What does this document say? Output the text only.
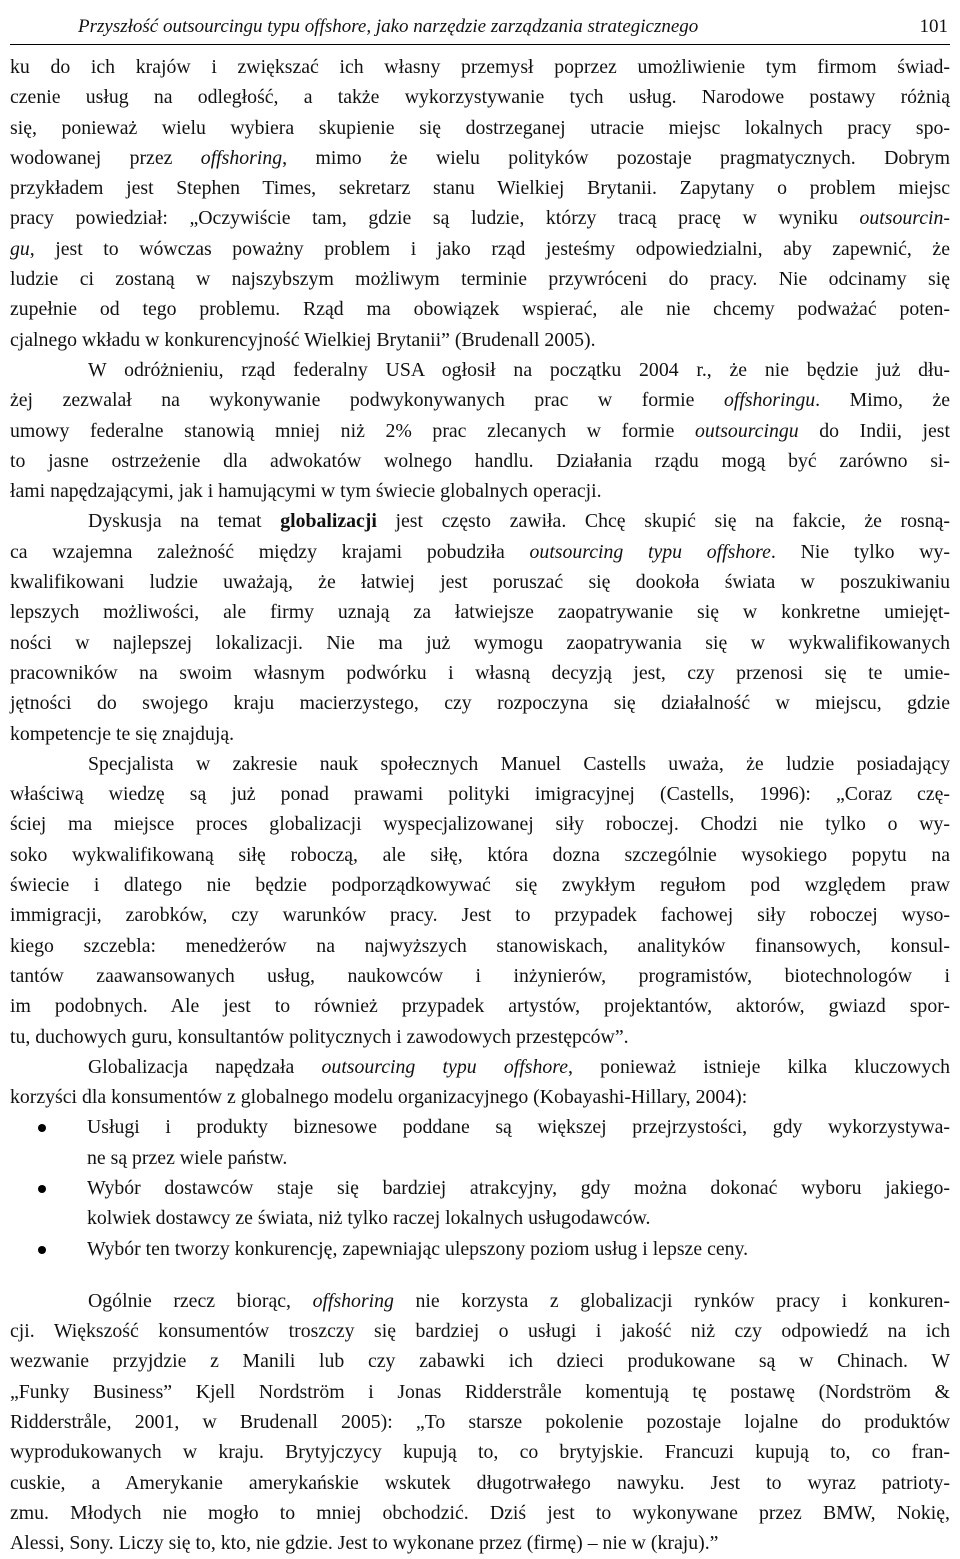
Przyszłość outsourcingu typu offshore, jako narzędzie zarządzania strategicznego	101
ku do ich krajów i zwiększać ich własny przemysł poprzez umożliwienie tym firmom świad-
czenie usług na odległość, a także wykorzystywanie tych usług. Narodowe postawy różnią
się, ponieważ wielu wybiera skupienie się dostrzeganej utracie miejsc lokalnych pracy spo-
wodowanej przez offshoring, mimo że wielu polityków pozostaje pragmatycznych. Dobrym
przykładem jest Stephen Times, sekretarz stanu Wielkiej Brytanii. Zapytany o problem miejsc
pracy powiedział: „Oczywiście tam, gdzie są ludzie, którzy tracą pracę w wyniku outsourcin-
gu, jest to wówczas poważny problem i jako rząd jesteśmy odpowiedzialni, aby zapewnić, że
ludzie ci zostaną w najszybszym możliwym terminie przywróceni do pracy. Nie odcinamy się
zupełnie od tego problemu. Rząd ma obowiązek wspierać, ale nie chcemy podważać poten-
cjalnego wkładu w konkurencyjność Wielkiej Brytanii” (Brudenall 2005).
W odróżnieniu, rząd federalny USA ogłosił na początku 2004 r., że nie będzie już dłu-
żej zezwalał na wykonywanie podwykonywanych prac w formie offshoringu. Mimo, że
umowy federalne stanowią mniej niż 2% prac zlecanych w formie outsourcingu do Indii, jest
to jasne ostrzeżenie dla adwokatów wolnego handlu. Działania rządu mogą być zarówno si-
łami napędzającymi, jak i hamującymi w tym świecie globalnych operacji.
Dyskusja na temat globalizacji jest często zawiła. Chcę skupić się na fakcie, że rosną-
ca wzajemna zależność między krajami pobudziła outsourcing typu offshore. Nie tylko wy-
kwalifikowani ludzie uważają, że łatwiej jest poruszać się dookoła świata w poszukiwaniu
lepszych możliwości, ale firmy uznają za łatwiejsze zaopatrywanie się w konkretne umiejęt-
ności w najlepszej lokalizacji. Nie ma już wymogu zaopatrywania się w wykwalifikowanych
pracowników na swoim własnym podwórku i własną decyzją jest, czy przenosi się te umie-
jętności do swojego kraju macierzystego, czy rozpoczyna się działalność w miejscu, gdzie
kompetencje te się znajdują.
Specjalista w zakresie nauk społecznych Manuel Castells uważa, że ludzie posiadający
właściwą wiedzę są już ponad prawami polityki imigracyjnej (Castells, 1996): „Coraz czę-
ściej ma miejsce proces globalizacji wyspecjalizowanej siły roboczej. Chodzi nie tylko o wy-
soko wykwalifikowaną siłę roboczą, ale siłę, która dozna szczególnie wysokiego popytu na
świecie i dlatego nie będzie podporządkowywać się zwykłym regułom pod względem praw
immigracji, zarobków, czy warunków pracy. Jest to przypadek fachowej siły roboczej wyso-
kiego szczebla: menedżerów na najwyższych stanowiskach, analityków finansowych, konsul-
tantów zaawansowanych usług, naukowców i inżynierów, programistów, biotechnologów i
im podobnych. Ale jest to również przypadek artystów, projektantów, aktorów, gwiazd spor-
tu, duchowych guru, konsultantów politycznych i zawodowych przestępców”.
Globalizacja napędzała outsourcing typu offshore, ponieważ istnieje kilka kluczowych
korzyści dla konsumentów z globalnego modelu organizacyjnego (Kobayashi-Hillary, 2004):
Usługi i produkty biznesowe poddane są większej przejrzystości, gdy wykorzystywa-
ne są przez wiele państw.
Wybór dostawców staje się bardziej atrakcyjny, gdy można dokonać wyboru jakiego-
kolwiek dostawcy ze świata, niż tylko raczej lokalnych usługodawców.
Wybór ten tworzy konkurencję, zapewniając ulepszony poziom usług i lepsze ceny.
Ogólnie rzecz biorąc, offshoring nie korzysta z globalizacji rynków pracy i konkuren-
cji. Większość konsumentów troszczy się bardziej o usługi i jakość niż czy odpowiedź na ich
wezwanie przyjdzie z Manili lub czy zabawki ich dzieci produkowane są w Chinach. W
„Funky Business” Kjell Nordström i Jonas Ridderstråle komentują tę postawę (Nordström &
Ridderstråle, 2001, w Brudenall 2005): „To starsze pokolenie pozostaje lojalne do produktów
wyprodukowanych w kraju. Brytyjczycy kupują to, co brytyjskie. Francuzi kupują to, co fran-
cuskie, a Amerykanie amerykańskie wskutek długotrwałego nawyku. Jest to wyraz patrioty-
zmu. Młodych nie mogło to mniej obchodzić. Dziś jest to wykonywane przez BMW, Nokię,
Alessi, Sony. Liczy się to, kto, nie gdzie. Jest to wykonane przez (firmę) – nie w (kraju).”
